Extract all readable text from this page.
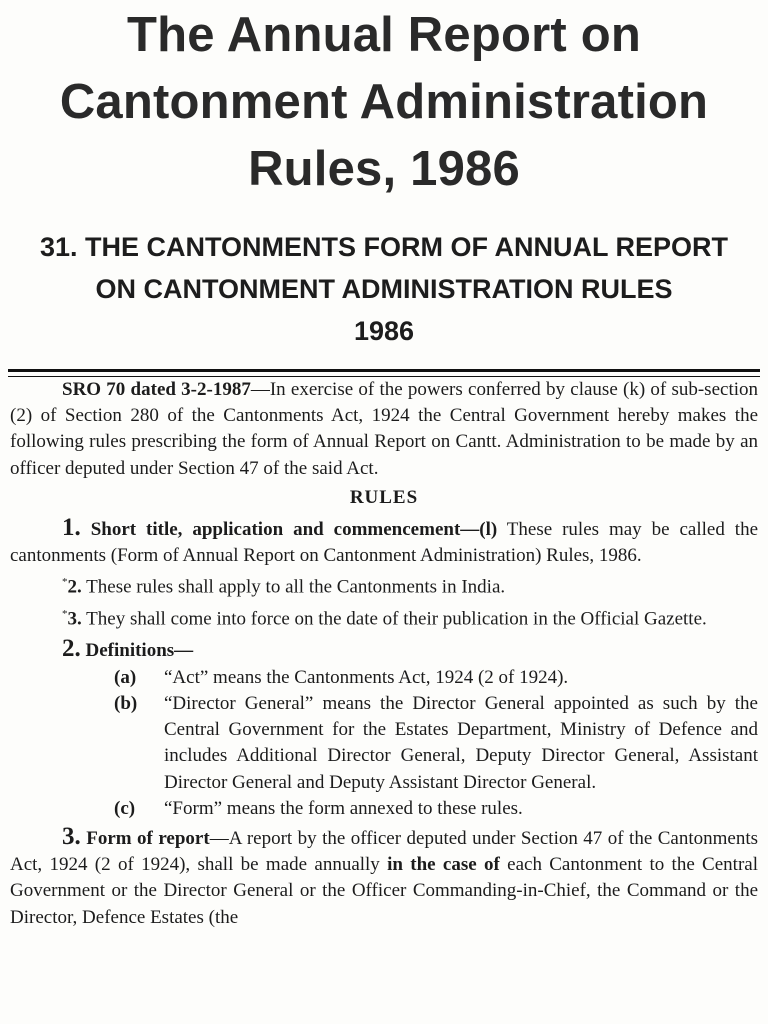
The Annual Report on
Cantonment Administration
Rules, 1986
31. THE CANTONMENTS FORM OF ANNUAL REPORT
ON CANTONMENT ADMINISTRATION RULES
1986

SRO 70 dated 3-2-1987—In exercise of the powers conferred by clause (k) of sub-section (2) of Section 280 of the Cantonments Act, 1924 the Central Government hereby makes the following rules prescribing the form of Annual Report on Cantt. Administration to be made by an officer deputed under Section 47 of the said Act.

RULES

1. Short title, application and commencement—(l) These rules may be called the cantonments (Form of Annual Report on Cantonment Administration) Rules, 1986.

*2. These rules shall apply to all the Cantonments in India.

*3. They shall come into force on the date of their publication in the Official Gazette.

2. Definitions—

(a)	“Act” means the Cantonments Act, 1924 (2 of 1924).
(b)	“Director General” means the Director General appointed as such by the Central Government for the Estates Department, Ministry of Defence and includes Additional Director General, Deputy Director General, Assistant Director General and Deputy Assistant Director General.
(c)	“Form” means the form annexed to these rules.

3. Form of report—A report by the officer deputed under Section 47 of the Cantonments Act, 1924 (2 of 1924), shall be made annually in the case of each Cantonment to the Central Government or the Director General or the Officer Commanding-in-Chief, the Command or the Director, Defence Estates (the
